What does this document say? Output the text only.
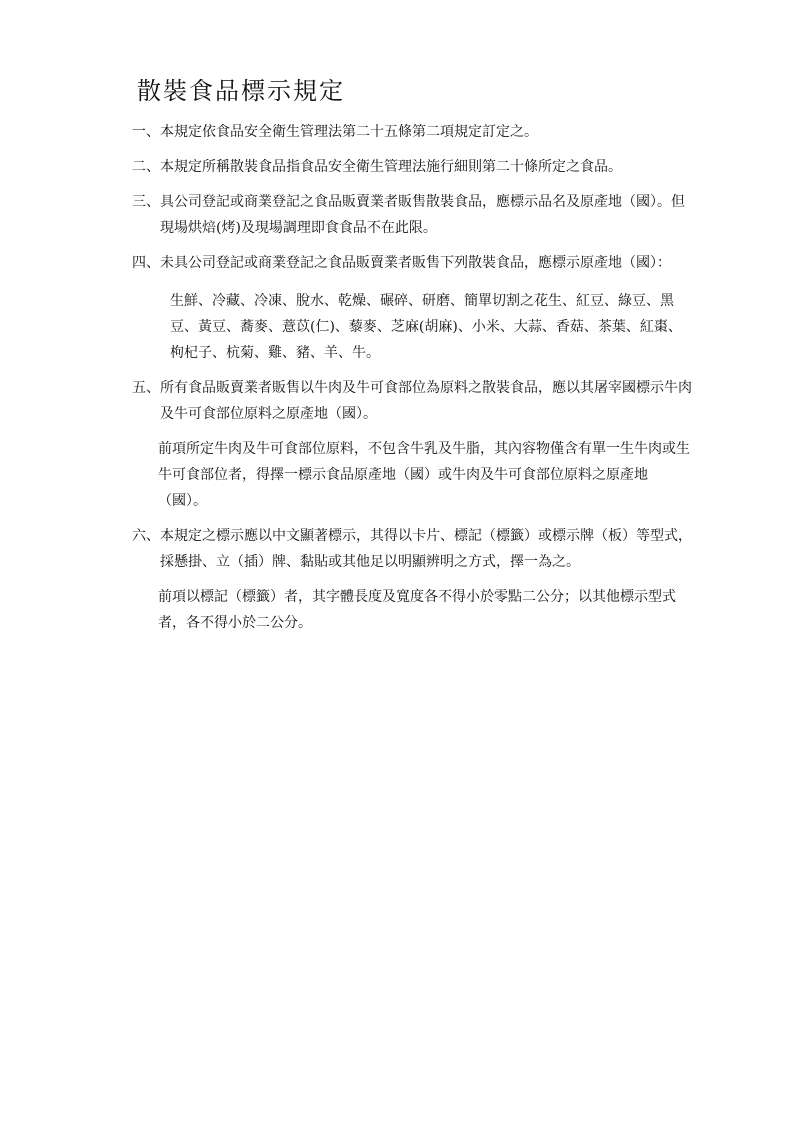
散裝食品標示規定
一、 本規定依食品安全衛生管理法第二十五條第二項規定訂定之。
二、 本規定所稱散裝食品指食品安全衛生管理法施行細則第二十條所定之食品。
三、 具公司登記或商業登記之食品販賣業者販售散裝食品，應標示品名及原產地（國）。但現場烘焙(烤)及現場調理即食食品不在此限。
四、 未具公司登記或商業登記之食品販賣業者販售下列散裝食品，應標示原產地（國）：

生鮮、冷藏、冷凍、脫水、乾燥、碾碎、研磨、簡單切割之花生、紅豆、綠豆、黑豆、黃豆、蕎麥、薏苡(仁)、藜麥、芝麻(胡麻)、小米、大蒜、香菇、茶葉、紅棗、枸杞子、杭菊、雞、豬、羊、牛。

五、 所有食品販賣業者販售以牛肉及牛可食部位為原料之散裝食品，應以其屠宰國標示牛肉及牛可食部位原料之原產地（國）。

前項所定牛肉及牛可食部位原料，不包含牛乳及牛脂，其內容物僅含有單一生牛肉或生牛可食部位者，得擇一標示食品原產地（國）或牛肉及牛可食部位原料之原產地（國）。

六、 本規定之標示應以中文顯著標示，其得以卡片、標記（標籤）或標示牌（板）等型式，採懸掛、立（插）牌、黏貼或其他足以明顯辨明之方式，擇一為之。

前項以標記（標籤）者，其字體長度及寬度各不得小於零點二公分；以其他標示型式者，各不得小於二公分。
